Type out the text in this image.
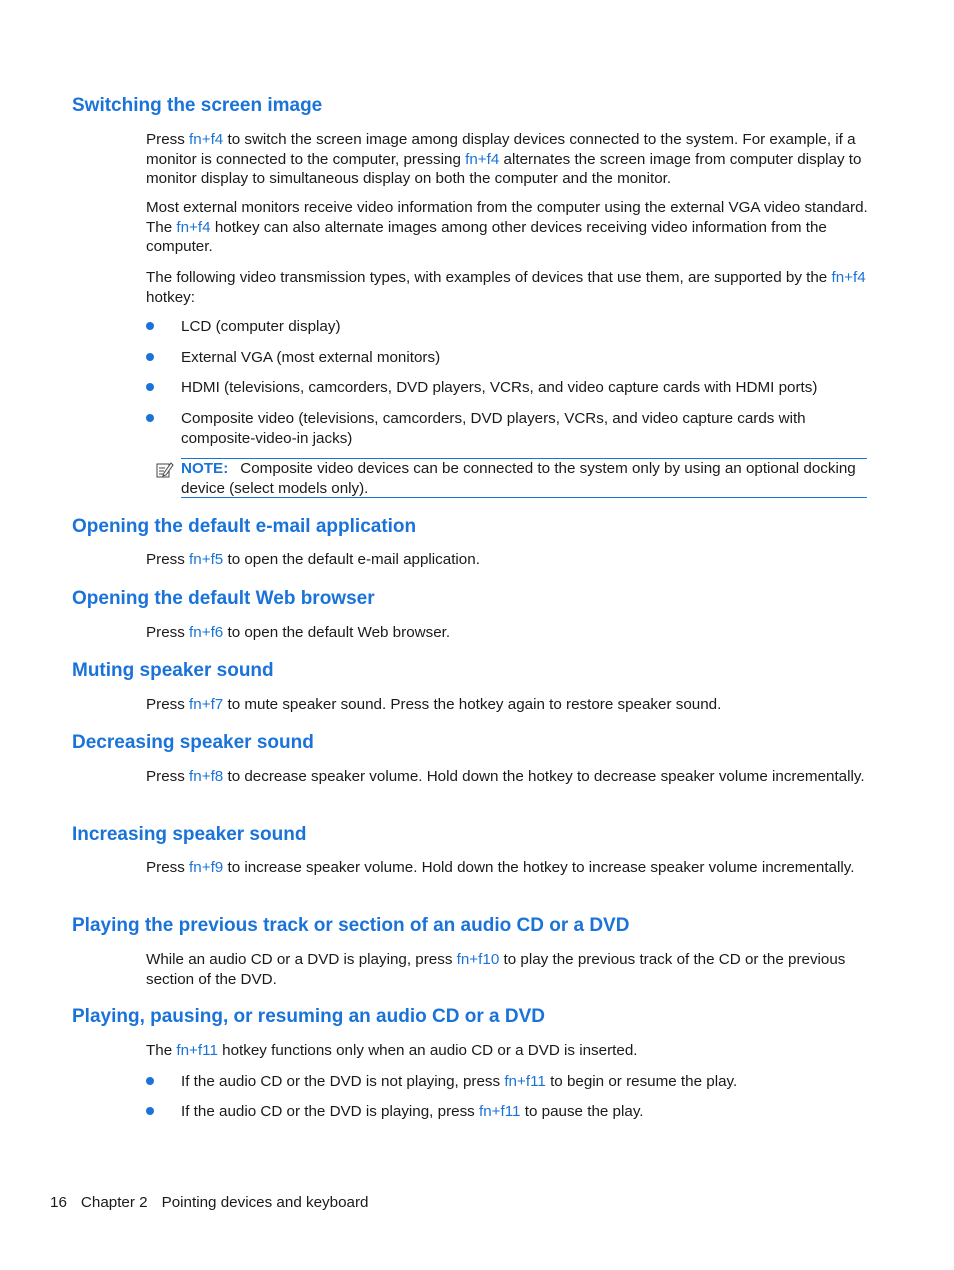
Switching the screen image

Press fn+f4 to switch the screen image among display devices connected to the system. For example, if a monitor is connected to the computer, pressing fn+f4 alternates the screen image from computer display to monitor display to simultaneous display on both the computer and the monitor.

Most external monitors receive video information from the computer using the external VGA video standard. The fn+f4 hotkey can also alternate images among other devices receiving video information from the computer.

The following video transmission types, with examples of devices that use them, are supported by the fn+f4 hotkey:

LCD (computer display)
External VGA (most external monitors)
HDMI (televisions, camcorders, DVD players, VCRs, and video capture cards with HDMI ports)
Composite video (televisions, camcorders, DVD players, VCRs, and video capture cards with composite-video-in jacks)
NOTE: Composite video devices can be connected to the system only by using an optional docking device (select models only).
Opening the default e-mail application

Press fn+f5 to open the default e-mail application.

Opening the default Web browser

Press fn+f6 to open the default Web browser.

Muting speaker sound

Press fn+f7 to mute speaker sound. Press the hotkey again to restore speaker sound.

Decreasing speaker sound

Press fn+f8 to decrease speaker volume. Hold down the hotkey to decrease speaker volume incrementally.

Increasing speaker sound

Press fn+f9 to increase speaker volume. Hold down the hotkey to increase speaker volume incrementally.

Playing the previous track or section of an audio CD or a DVD

While an audio CD or a DVD is playing, press fn+f10 to play the previous track of the CD or the previous section of the DVD.

Playing, pausing, or resuming an audio CD or a DVD

The fn+f11 hotkey functions only when an audio CD or a DVD is inserted.

If the audio CD or the DVD is not playing, press fn+f11 to begin or resume the play.
If the audio CD or the DVD is playing, press fn+f11 to pause the play.
16 Chapter 2 Pointing devices and keyboard
